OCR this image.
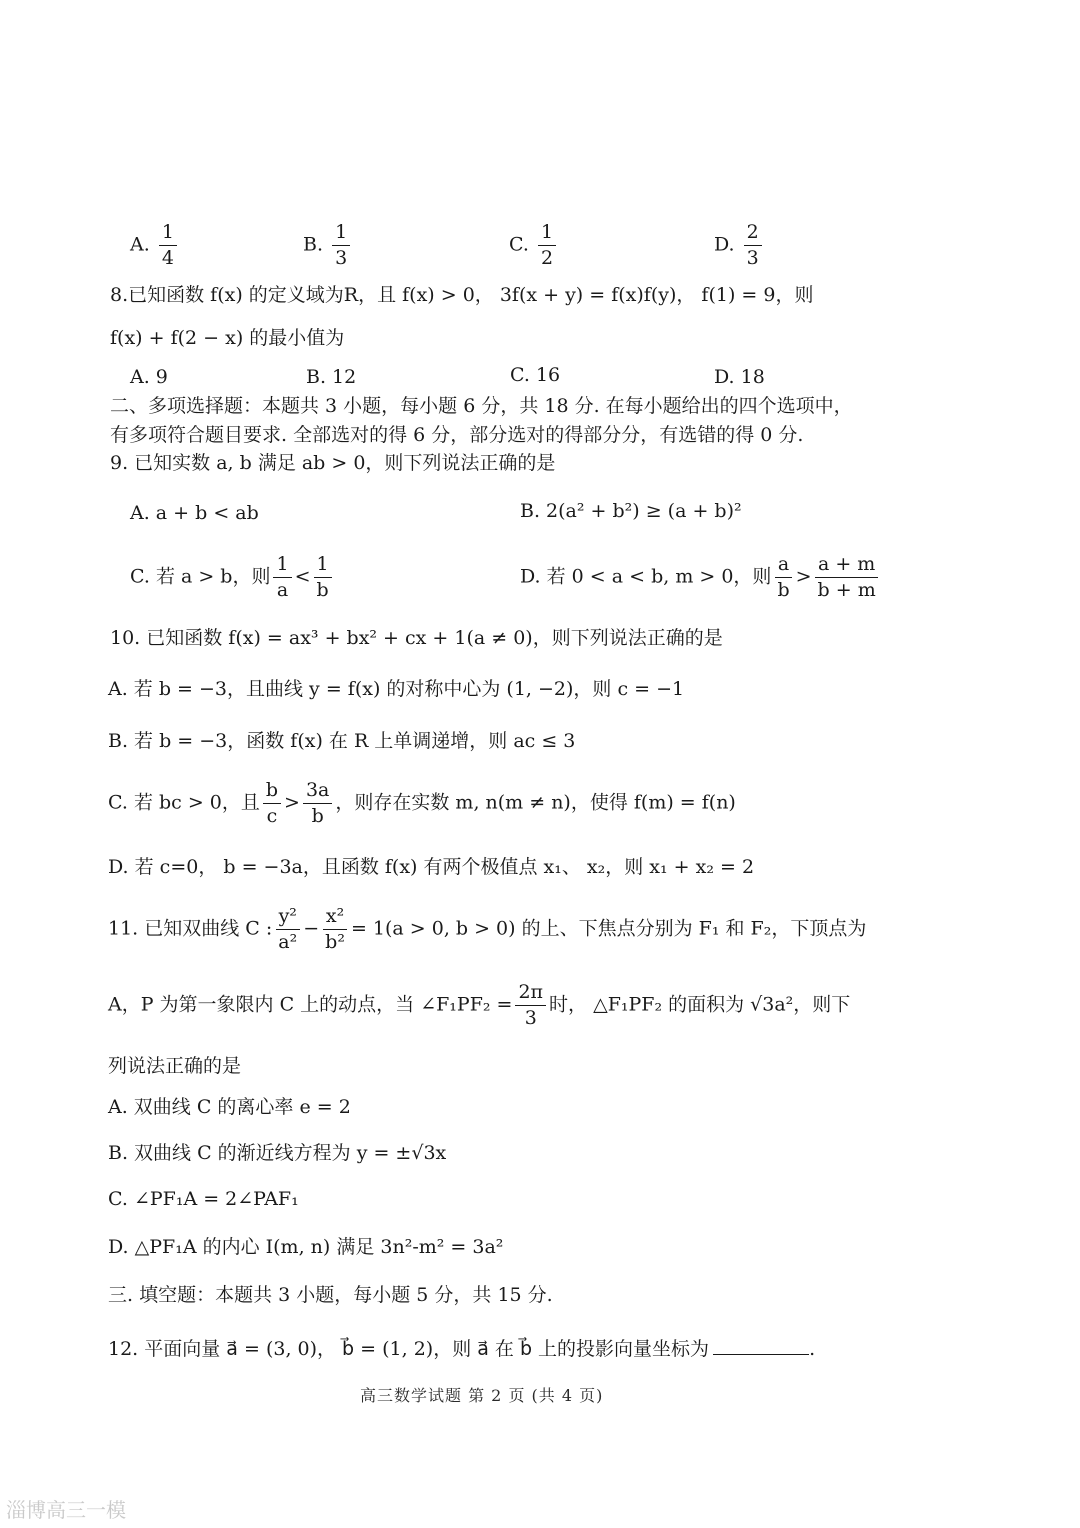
A. $\frac{1}{4}$	B. $\frac{1}{3}$	C. $\frac{1}{2}$	D. $\frac{2}{3}$
8.已知函数 f(x) 的定义域为R，且 f(x) > 0， 3f(x + y) = f(x)f(y)， f(1) = 9，则
f(x) + f(2 − x) 的最小值为
A. 9	B. 12	C. 16	D. 18
二、多项选择题：本题共 3 小题，每小题 6 分，共 18 分. 在每小题给出的四个选项中，
有多项符合题目要求. 全部选对的得 6 分，部分选对的得部分分，有选错的得 0 分.
9. 已知实数 a, b 满足 ab > 0，则下列说法正确的是
A. a + b < ab	B. 2(a² + b²) ≥ (a + b)²
C. 若 a > b，则 $\frac{1}{a} < \frac{1}{b}$	D. 若 0 < a < b, m > 0，则 $\frac{a}{b} > \frac{a + m}{b + m}$
10. 已知函数 f(x) = ax³ + bx² + cx + 1(a ≠ 0)，则下列说法正确的是
A. 若 b = −3，且曲线 y = f(x) 的对称中心为 (1, −2)，则 c = −1
B. 若 b = −3，函数 f(x) 在 R 上单调递增，则 ac ≤ 3
C. 若 bc > 0，且 $\frac{b}{c} > \frac{3a}{b}$ ，则存在实数 m, n(m ≠ n)，使得 f(m) = f(n)
D. 若 c=0， b = −3a，且函数 f(x) 有两个极值点 x₁、 x₂，则 x₁ + x₂ = 2
11. 已知双曲线 C : $\frac{\text{y²}}{\text{a²}} - \frac{\text{x²}}{\text{b²}} = 1(a > 0$, b > 0) 的上、下焦点分别为 F₁ 和 F₂，下顶点为
A，P 为第一象限内 C 上的动点，当 ∠F₁PF₂ = $\frac{2\pi}{3}$ 时， △F₁PF₂ 的面积为 √3a²，则下
列说法正确的是
A. 双曲线 C 的离心率 e = 2
B. 双曲线 C 的渐近线方程为 y = ±√3x
C. ∠PF₁A = 2∠PAF₁
D. △PF₁A 的内心 I(m, n) 满足 3n²-m² = 3a²
三. 填空题：本题共 3 小题，每小题 5 分，共 15 分.
12. 平面向量 a⃗ = (3, 0)， b⃗ = (1, 2)，则 a⃗ 在 b⃗ 上的投影向量坐标为	.
高三数学试题 第 2 页 (共 4 页)
淄博高三一模
